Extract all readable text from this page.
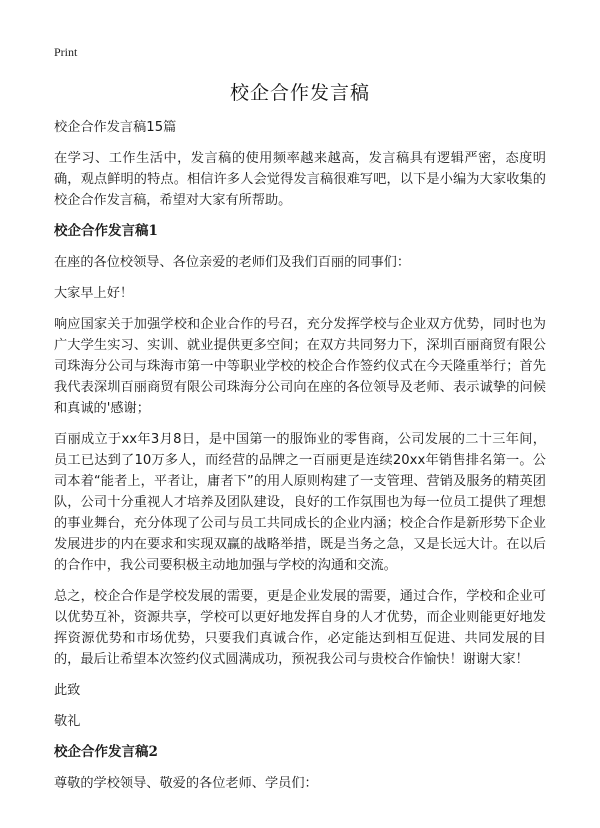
Print
校企合作发言稿

校企合作发言稿15篇

在学习、工作生活中，发言稿的使用频率越来越高，发言稿具有逻辑严密，态度明确，观点鲜明的特点。相信许多人会觉得发言稿很难写吧，以下是小编为大家收集的校企合作发言稿，希望对大家有所帮助。

校企合作发言稿1

在座的各位校领导、各位亲爱的老师们及我们百丽的同事们：

大家早上好！

响应国家关于加强学校和企业合作的号召，充分发挥学校与企业双方优势，同时也为广大学生实习、实训、就业提供更多空间；在双方共同努力下，深圳百丽商贸有限公司珠海分公司与珠海市第一中等职业学校的校企合作签约仪式在今天隆重举行；首先我代表深圳百丽商贸有限公司珠海分公司向在座的各位领导及老师、表示诚挚的问候和真诚的'感谢；

百丽成立于xx年3月8日，是中国第一的服饰业的零售商，公司发展的二十三年间，员工已达到了10万多人，而经营的品牌之一百丽更是连续20xx年销售排名第一。公司本着“能者上，平者让，庸者下”的用人原则构建了一支管理、营销及服务的精英团队，公司十分重视人才培养及团队建设，良好的工作氛围也为每一位员工提供了理想的事业舞台，充分体现了公司与员工共同成长的企业内涵；校企合作是新形势下企业发展进步的内在要求和实现双赢的战略举措，既是当务之急，又是长远大计。在以后的合作中，我公司要积极主动地加强与学校的沟通和交流。

总之，校企合作是学校发展的需要，更是企业发展的需要，通过合作，学校和企业可以优势互补，资源共享，学校可以更好地发挥自身的人才优势，而企业则能更好地发挥资源优势和市场优势，只要我们真诚合作，必定能达到相互促进、共同发展的目的，最后让希望本次签约仪式圆满成功，预祝我公司与贵校合作愉快！谢谢大家！

此致

敬礼

校企合作发言稿2

尊敬的学校领导、敬爱的各位老师、学员们：
